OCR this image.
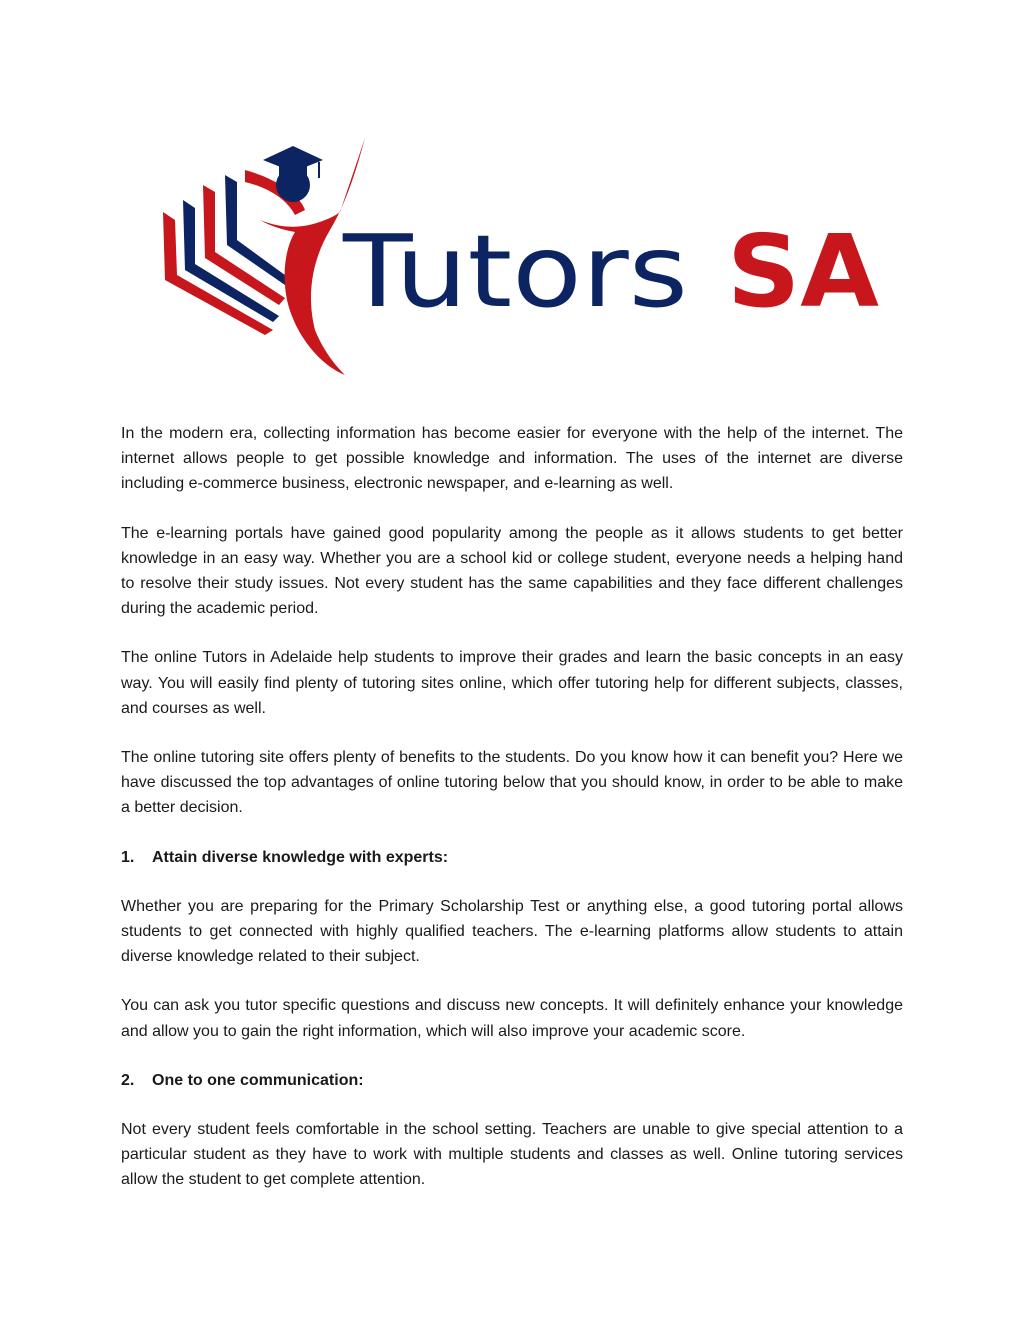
Tutors SA

In the modern era, collecting information has become easier for everyone with the help of the internet. The internet allows people to get possible knowledge and information. The uses of the internet are diverse including e-commerce business, electronic newspaper, and e-learning as well.

The e-learning portals have gained good popularity among the people as it allows students to get better knowledge in an easy way. Whether you are a school kid or college student, everyone needs a helping hand to resolve their study issues. Not every student has the same capabilities and they face different challenges during the academic period.

The online Tutors in Adelaide help students to improve their grades and learn the basic concepts in an easy way. You will easily find plenty of tutoring sites online, which offer tutoring help for different subjects, classes, and courses as well.

The online tutoring site offers plenty of benefits to the students. Do you know how it can benefit you? Here we have discussed the top advantages of online tutoring below that you should know, in order to be able to make a better decision.

1. Attain diverse knowledge with experts:

Whether you are preparing for the Primary Scholarship Test or anything else, a good tutoring portal allows students to get connected with highly qualified teachers. The e-learning platforms allow students to attain diverse knowledge related to their subject.

You can ask you tutor specific questions and discuss new concepts. It will definitely enhance your knowledge and allow you to gain the right information, which will also improve your academic score.

2. One to one communication:

Not every student feels comfortable in the school setting. Teachers are unable to give special attention to a particular student as they have to work with multiple students and classes as well. Online tutoring services allow the student to get complete attention.
